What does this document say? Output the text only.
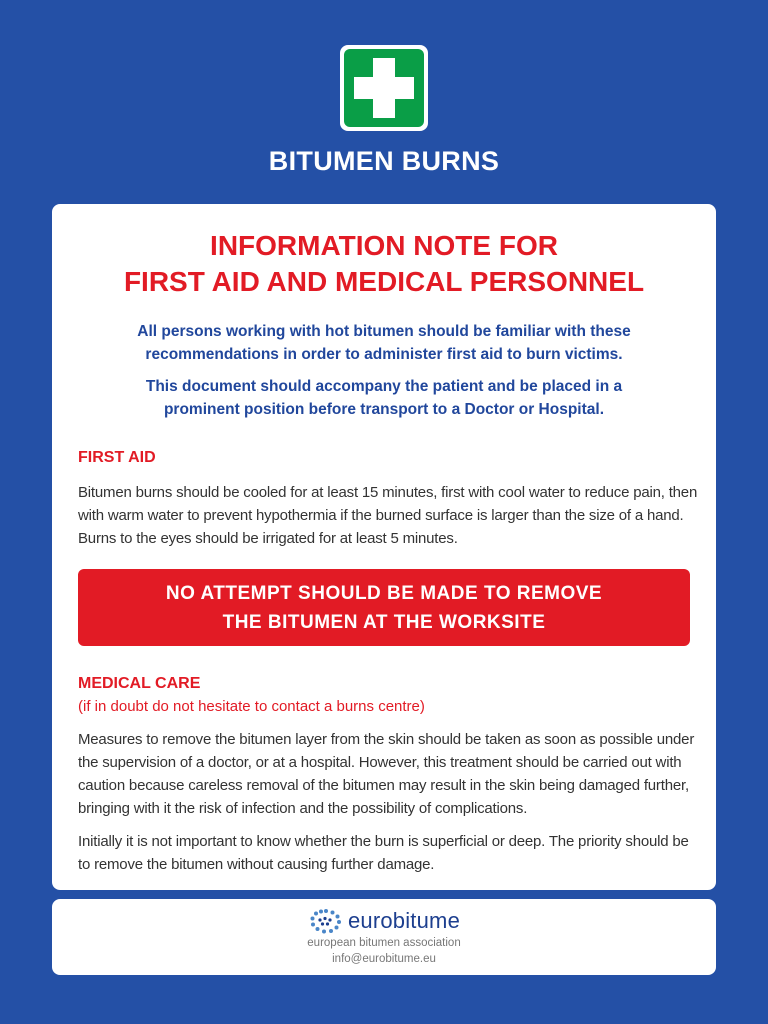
BITUMEN BURNS
INFORMATION NOTE FOR
FIRST AID AND MEDICAL PERSONNEL
All persons working with hot bitumen should be familiar with these
recommendations in order to administer first aid to burn victims.
This document should accompany the patient and be placed in a
prominent position before transport to a Doctor or Hospital.
FIRST AID
Bitumen burns should be cooled for at least 15 minutes, first with cool water to reduce pain, then
with warm water to prevent hypothermia if the burned surface is larger than the size of a hand.
Burns to the eyes should be irrigated for at least 5 minutes.
NO ATTEMPT SHOULD BE MADE TO REMOVE
THE BITUMEN AT THE WORKSITE
MEDICAL CARE
(if in doubt do not hesitate to contact a burns centre)
Measures to remove the bitumen layer from the skin should be taken as soon as possible under
the supervision of a doctor, or at a hospital. However, this treatment should be carried out with
caution because careless removal of the bitumen may result in the skin being damaged further,
bringing with it the risk of infection and the possibility of complications.
Initially it is not important to know whether the burn is superficial or deep. The priority should be
to remove the bitumen without causing further damage.
eurobitume
european bitumen association
info@eurobitume.eu
